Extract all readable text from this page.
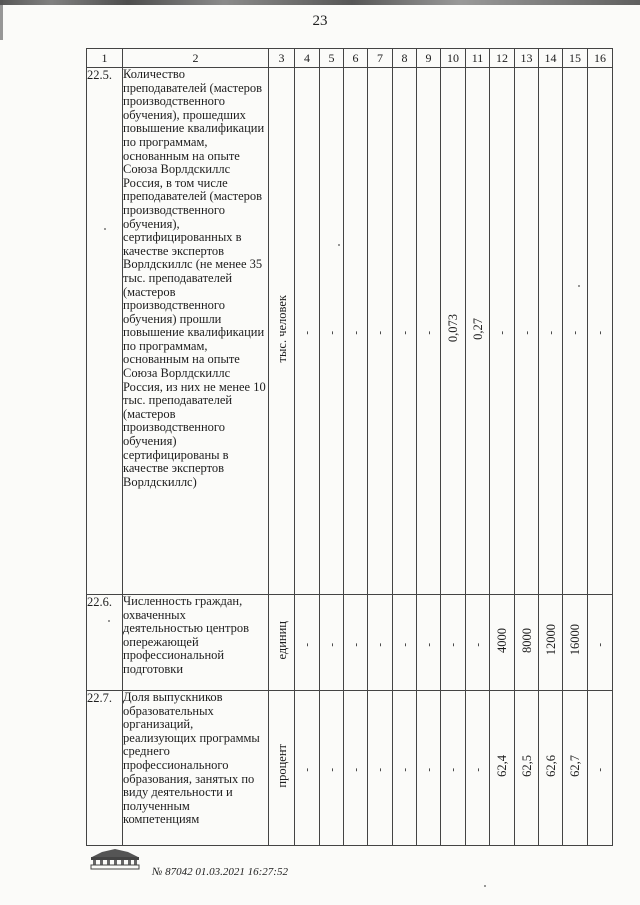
23
1	2	3	4	5	6	7	8	9	10	11	12	13	14	15	16
22.5.	Количество преподавателей (мастеров производственного обучения), прошедших повышение квалификации по программам, основанным на опыте Союза Ворлдскиллс Россия, в том числе преподавателей (мастеров производственного обучения), сертифицированных в качестве экспертов Ворлдскиллс (не менее 35 тыс. преподавателей (мастеров производственного обучения) прошли повышение квалификации по программам, основанным на опыте Союза Ворлдскиллс Россия, из них не менее 10 тыс. преподавателей (мастеров производственного обучения) сертифицированы в качестве экспертов Ворлдскиллс)	тыс. человек	-	-	-	-	-	-	0,073	0,27	-	-	-	-	-
22.6.	Численность граждан, охваченных деятельностью центров опережающей профессиональной подготовки	единиц	-	-	-	-	-	-	-	-	4000	8000	12000	16000	-
22.7.	Доля выпускников образовательных организаций, реализующих программы среднего профессионального образования, занятых по виду деятельности и полученным компетенциям	процент	-	-	-	-	-	-	-	-	62,4	62,5	62,6	62,7	-
№ 87042 01.03.2021 16:27:52
